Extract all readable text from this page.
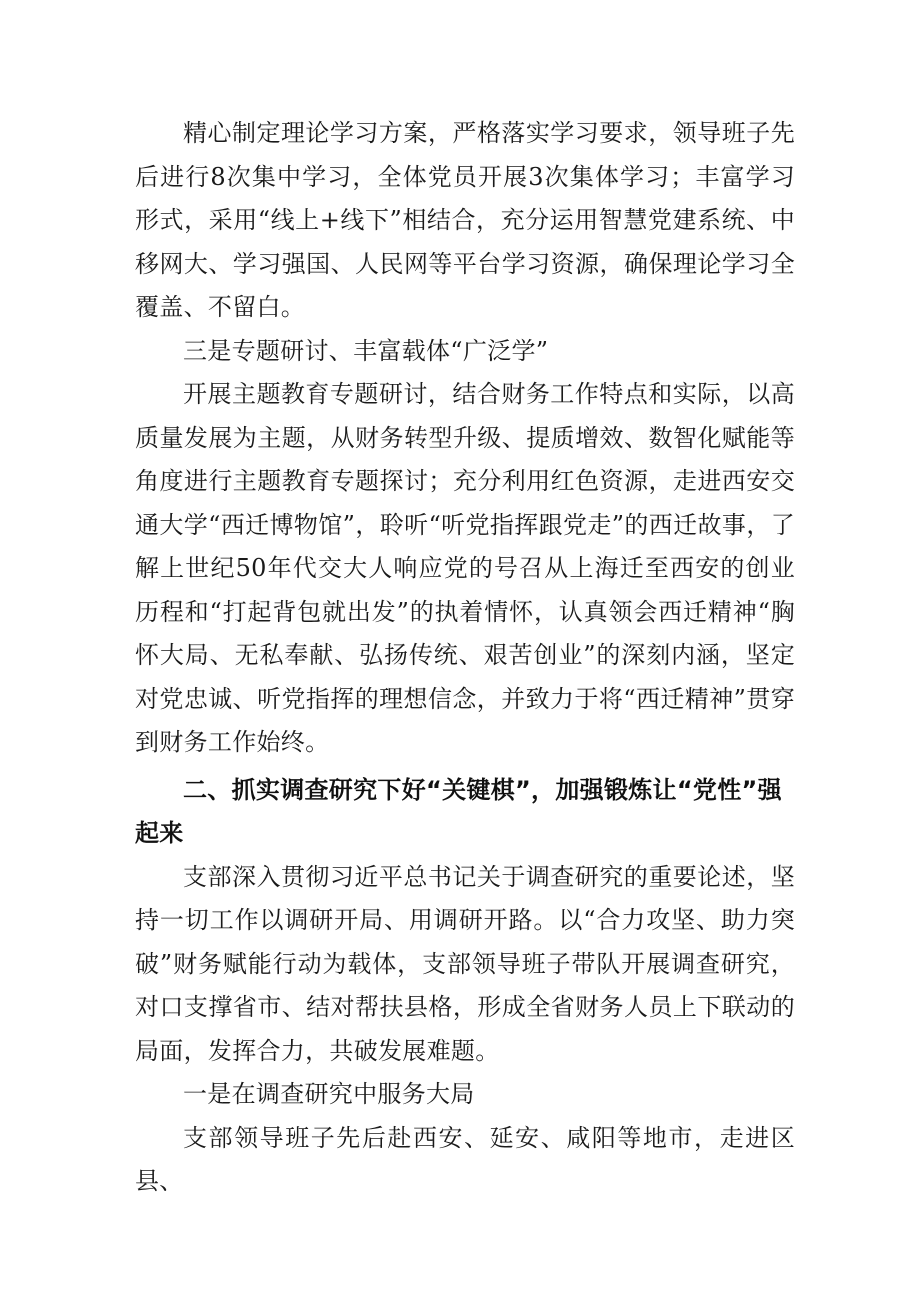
精心制定理论学习方案，严格落实学习要求，领导班子先后进行8次集中学习，全体党员开展3次集体学习；丰富学习形式，采用“线上+线下”相结合，充分运用智慧党建系统、中移网大、学习强国、人民网等平台学习资源，确保理论学习全覆盖、不留白。

三是专题研讨、丰富载体“广泛学”

开展主题教育专题研讨，结合财务工作特点和实际，以高质量发展为主题，从财务转型升级、提质增效、数智化赋能等角度进行主题教育专题探讨；充分利用红色资源，走进西安交通大学“西迁博物馆”，聆听“听党指挥跟党走”的西迁故事，了解上世纪50年代交大人响应党的号召从上海迁至西安的创业历程和“打起背包就出发”的执着情怀，认真领会西迁精神“胸怀大局、无私奉献、弘扬传统、艰苦创业”的深刻内涵，坚定对党忠诚、听党指挥的理想信念，并致力于将“西迁精神”贯穿到财务工作始终。

二、抓实调查研究下好“关键棋”，加强锻炼让“党性”强起来

支部深入贯彻习近平总书记关于调查研究的重要论述，坚持一切工作以调研开局、用调研开路。以“合力攻坚、助力突破”财务赋能行动为载体，支部领导班子带队开展调查研究，对口支撑省市、结对帮扶县格，形成全省财务人员上下联动的局面，发挥合力，共破发展难题。

一是在调查研究中服务大局

支部领导班子先后赴西安、延安、咸阳等地市，走进区县、
